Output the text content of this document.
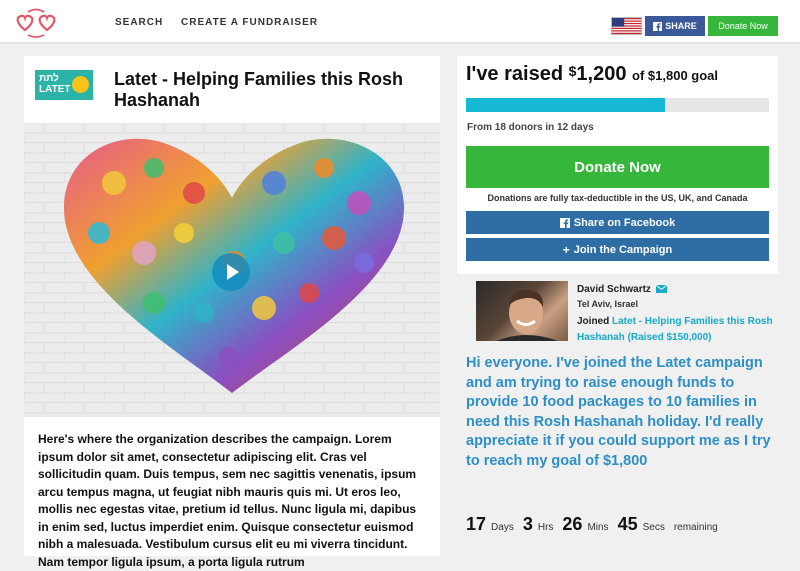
SEARCH CREATE A FUNDRAISER	SHARE	Donate Now
לתת
LATET
Latet - Helping Families this Rosh Hashanah
Here's where the organization describes the campaign. Lorem ipsum dolor sit amet, consectetur adipiscing elit. Cras vel sollicitudin quam. Duis tempus, sem nec sagittis venenatis, ipsum arcu tempus magna, ut feugiat nibh mauris quis mi. Ut eros leo, mollis nec egestas vitae, pretium id tellus. Nunc ligula mi, dapibus in enim sed, luctus imperdiet enim. Quisque consectetur euismod nibh a malesuada. Vestibulum cursus elit eu mi viverra tincidunt. Nam tempor ligula ipsum, a porta ligula rutrum
I've raised $1,200 of $1,800 goal
From 18 donors in 12 days
Donate Now
Donations are fully tax-deductible in the US, UK, and Canada
Share on Facebook
+ Join the Campaign
David Schwartz
Tel Aviv, Israel
Joined Latet - Helping Families this Rosh Hashanah (Raised $150,000)
Hi everyone. I've joined the Latet campaign and am trying to raise enough funds to provide 10 food packages to 10 families in need this Rosh Hashanah holiday. I'd really appreciate it if you could support me as I try to reach my goal of $1,800
17 Days 3 Hrs 26 Mins 45 Secs remaining
